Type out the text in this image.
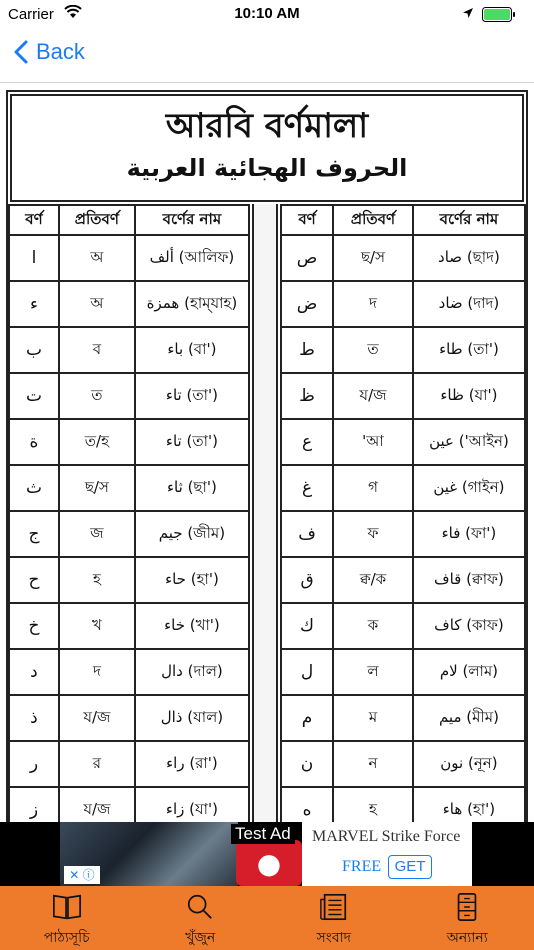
Carrier	10:10 AM
Back
আরবি বর্ণমালা
الحروف الهجائية العربية
বর্ণ	প্রতিবর্ণ	বর্ণের নাম
ا	অ	ألف (আলিফ)
ء	অ	همزة (হাম্‌যাহ)
ب	ব	باء (বা')
ت	ত	تاء (তা')
ة	ত/হ	تاء (তা')
ث	ছ/স	ثاء (ছা')
ج	জ	جيم (জীম)
ح	হ	حاء (হা')
خ	খ	خاء (খা')
د	দ	دال (দাল)
ذ	য/জ	ذال (যাল)
ر	র	راء (রা')
ز	য/জ	زاء (যা')
বর্ণ	প্রতিবর্ণ	বর্ণের নাম
ص	ছ/স	صاد (ছাদ)
ض	দ	ضاد (দাদ)
ط	ত	طاء (তা')
ظ	য/জ	ظاء (যা')
ع	'আ	عين ('আইন)
غ	গ	غين (গাইন)
ف	ফ	فاء (ফা')
ق	ক্ব/ক	قاف (ক্বাফ)
ك	ক	كاف (কাফ)
ل	ল	لام (লাম)
م	ম	ميم (মীম)
ن	ন	نون (নূন)
ه	হ	هاء (হা')
●
MARVEL Strike Force
FREE GET
✕ ⓘ
Test Ad
পাঠ্যসূচি	খুঁজুন	সংবাদ	অন্যান্য
